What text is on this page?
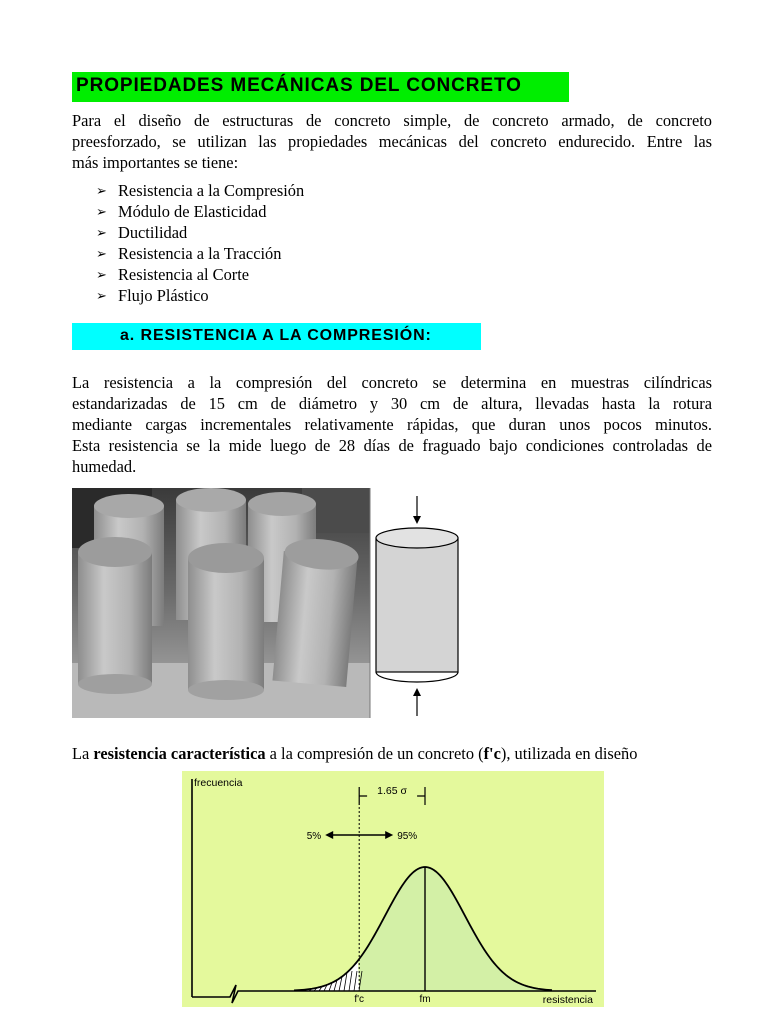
PROPIEDADES MECÁNICAS DEL CONCRETO
Para el diseño de estructuras de concreto simple, de concreto armado, de concreto
preesforzado, se utilizan las propiedades mecánicas del concreto endurecido. Entre las
más importantes se tiene:
➢ Resistencia a la Compresión
➢ Módulo de Elasticidad
➢ Ductilidad
➢ Resistencia a la Tracción
➢ Resistencia al Corte
➢ Flujo Plástico
a. RESISTENCIA A LA COMPRESIÓN:
La resistencia a la compresión del concreto se determina en muestras cilíndricas
estandarizadas de 15 cm de diámetro y 30 cm de altura, llevadas hasta la rotura
mediante cargas incrementales relativamente rápidas, que duran unos pocos minutos.
Esta resistencia se la mide luego de 28 días de fraguado bajo condiciones controladas de
humedad.
La resistencia característica a la compresión de un concreto (f'c), utilizada en diseño
1.65 σ
5%	95%
frecuencia
resistencia
f'c	fm
